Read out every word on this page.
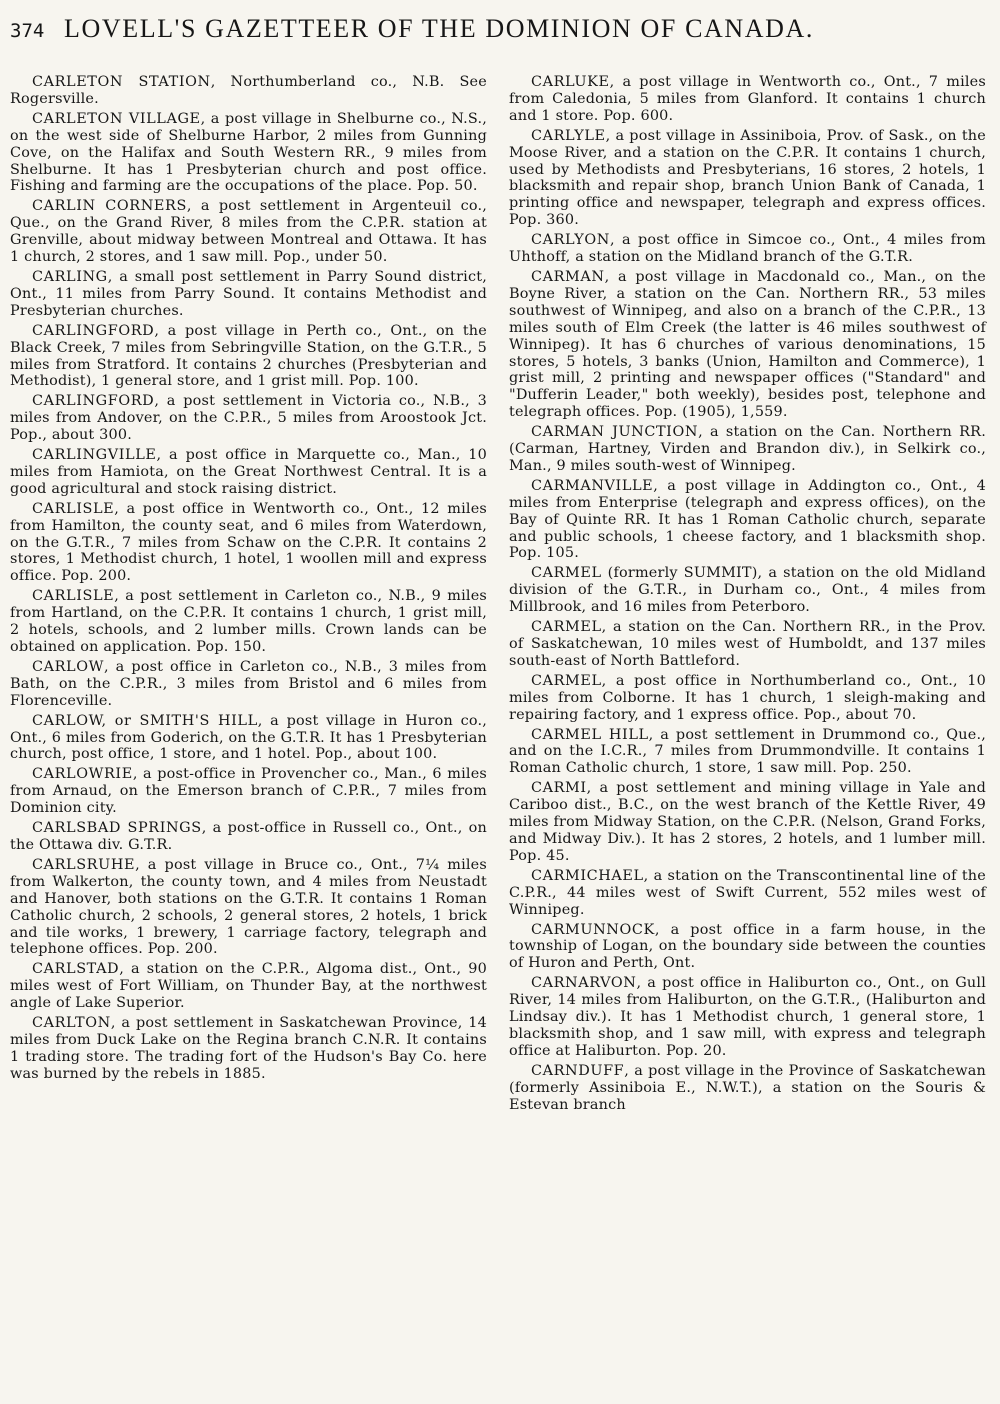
374 LOVELL'S GAZETTEER OF THE DOMINION OF CANADA.

CARLETON STATION, Northumberland co., N.B. See Rogersville.

CARLETON VILLAGE, a post village in Shelburne co., N.S., on the west side of Shelburne Harbor, 2 miles from Gunning Cove, on the Halifax and South Western RR., 9 miles from Shelburne. It has 1 Presbyterian church and post office. Fishing and farming are the occupations of the place. Pop. 50.

CARLIN CORNERS, a post settlement in Argenteuil co., Que., on the Grand River, 8 miles from the C.P.R. station at Grenville, about midway between Montreal and Ottawa. It has 1 church, 2 stores, and 1 saw mill. Pop., under 50.

CARLING, a small post settlement in Parry Sound district, Ont., 11 miles from Parry Sound. It contains Methodist and Presbyterian churches.

CARLINGFORD, a post village in Perth co., Ont., on the Black Creek, 7 miles from Sebringville Station, on the G.T.R., 5 miles from Stratford. It contains 2 churches (Presbyterian and Methodist), 1 general store, and 1 grist mill. Pop. 100.

CARLINGFORD, a post settlement in Victoria co., N.B., 3 miles from Andover, on the C.P.R., 5 miles from Aroostook Jct. Pop., about 300.

CARLINGVILLE, a post office in Marquette co., Man., 10 miles from Hamiota, on the Great Northwest Central. It is a good agricultural and stock raising district.

CARLISLE, a post office in Wentworth co., Ont., 12 miles from Hamilton, the county seat, and 6 miles from Waterdown, on the G.T.R., 7 miles from Schaw on the C.P.R. It contains 2 stores, 1 Methodist church, 1 hotel, 1 woollen mill and express office. Pop. 200.

CARLISLE, a post settlement in Carleton co., N.B., 9 miles from Hartland, on the C.P.R. It contains 1 church, 1 grist mill, 2 hotels, schools, and 2 lumber mills. Crown lands can be obtained on application. Pop. 150.

CARLOW, a post office in Carleton co., N.B., 3 miles from Bath, on the C.P.R., 3 miles from Bristol and 6 miles from Florenceville.

CARLOW, or SMITH'S HILL, a post village in Huron co., Ont., 6 miles from Goderich, on the G.T.R. It has 1 Presbyterian church, post office, 1 store, and 1 hotel. Pop., about 100.

CARLOWRIE, a post-office in Provencher co., Man., 6 miles from Arnaud, on the Emerson branch of C.P.R., 7 miles from Dominion city.

CARLSBAD SPRINGS, a post-office in Russell co., Ont., on the Ottawa div. G.T.R.

CARLSRUHE, a post village in Bruce co., Ont., 7¼ miles from Walkerton, the county town, and 4 miles from Neustadt and Hanover, both stations on the G.T.R. It contains 1 Roman Catholic church, 2 schools, 2 general stores, 2 hotels, 1 brick and tile works, 1 brewery, 1 carriage factory, telegraph and telephone offices. Pop. 200.

CARLSTAD, a station on the C.P.R., Algoma dist., Ont., 90 miles west of Fort William, on Thunder Bay, at the northwest angle of Lake Superior.

CARLTON, a post settlement in Saskatchewan Province, 14 miles from Duck Lake on the Regina branch C.N.R. It contains 1 trading store. The trading fort of the Hudson's Bay Co. here was burned by the rebels in 1885.

CARLUKE, a post village in Wentworth co., Ont., 7 miles from Caledonia, 5 miles from Glanford. It contains 1 church and 1 store. Pop. 600.

CARLYLE, a post village in Assiniboia, Prov. of Sask., on the Moose River, and a station on the C.P.R. It contains 1 church, used by Methodists and Presbyterians, 16 stores, 2 hotels, 1 blacksmith and repair shop, branch Union Bank of Canada, 1 printing office and newspaper, telegraph and express offices. Pop. 360.

CARLYON, a post office in Simcoe co., Ont., 4 miles from Uhthoff, a station on the Midland branch of the G.T.R.

CARMAN, a post village in Macdonald co., Man., on the Boyne River, a station on the Can. Northern RR., 53 miles southwest of Winnipeg, and also on a branch of the C.P.R., 13 miles south of Elm Creek (the latter is 46 miles southwest of Winnipeg). It has 6 churches of various denominations, 15 stores, 5 hotels, 3 banks (Union, Hamilton and Commerce), 1 grist mill, 2 printing and newspaper offices ("Standard" and "Dufferin Leader," both weekly), besides post, telephone and telegraph offices. Pop. (1905), 1,559.

CARMAN JUNCTION, a station on the Can. Northern RR. (Carman, Hartney, Virden and Brandon div.), in Selkirk co., Man., 9 miles south-west of Winnipeg.

CARMANVILLE, a post village in Addington co., Ont., 4 miles from Enterprise (telegraph and express offices), on the Bay of Quinte RR. It has 1 Roman Catholic church, separate and public schools, 1 cheese factory, and 1 blacksmith shop. Pop. 105.

CARMEL (formerly SUMMIT), a station on the old Midland division of the G.T.R., in Durham co., Ont., 4 miles from Millbrook, and 16 miles from Peterboro.

CARMEL, a station on the Can. Northern RR., in the Prov. of Saskatchewan, 10 miles west of Humboldt, and 137 miles south-east of North Battleford.

CARMEL, a post office in Northumberland co., Ont., 10 miles from Colborne. It has 1 church, 1 sleigh-making and repairing factory, and 1 express office. Pop., about 70.

CARMEL HILL, a post settlement in Drummond co., Que., and on the I.C.R., 7 miles from Drummondville. It contains 1 Roman Catholic church, 1 store, 1 saw mill. Pop. 250.

CARMI, a post settlement and mining village in Yale and Cariboo dist., B.C., on the west branch of the Kettle River, 49 miles from Midway Station, on the C.P.R. (Nelson, Grand Forks, and Midway Div.). It has 2 stores, 2 hotels, and 1 lumber mill. Pop. 45.

CARMICHAEL, a station on the Transcontinental line of the C.P.R., 44 miles west of Swift Current, 552 miles west of Winnipeg.

CARMUNNOCK, a post office in a farm house, in the township of Logan, on the boundary side between the counties of Huron and Perth, Ont.

CARNARVON, a post office in Haliburton co., Ont., on Gull River, 14 miles from Haliburton, on the G.T.R., (Haliburton and Lindsay div.). It has 1 Methodist church, 1 general store, 1 blacksmith shop, and 1 saw mill, with express and telegraph office at Haliburton. Pop. 20.

CARNDUFF, a post village in the Province of Saskatchewan (formerly Assiniboia E., N.W.T.), a station on the Souris & Estevan branch
